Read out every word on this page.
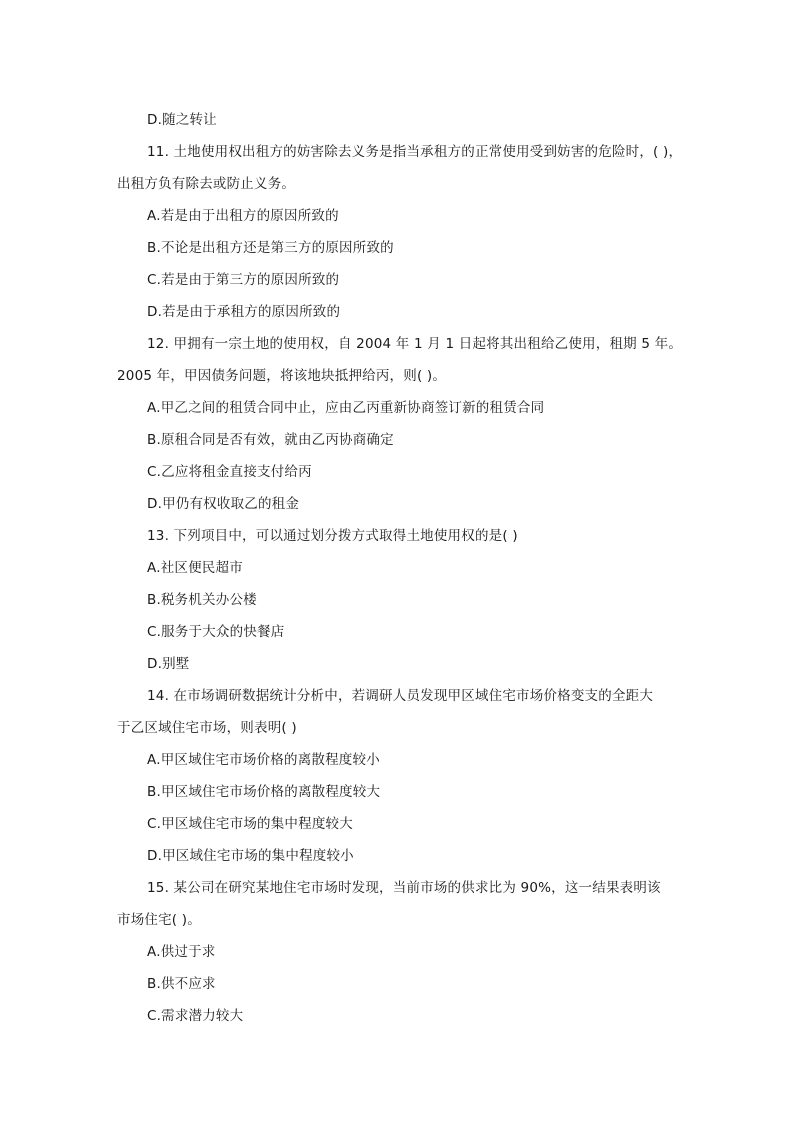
D.随之转让
11. 土地使用权出租方的妨害除去义务是指当承租方的正常使用受到妨害的危险时，( )，
出租方负有除去或防止义务。
A.若是由于出租方的原因所致的
B.不论是出租方还是第三方的原因所致的
C.若是由于第三方的原因所致的
D.若是由于承租方的原因所致的
12. 甲拥有一宗土地的使用权，自 2004 年 1 月 1 日起将其出租给乙使用，租期 5 年。
2005 年，甲因债务问题，将该地块抵押给丙，则( )。
A.甲乙之间的租赁合同中止，应由乙丙重新协商签订新的租赁合同
B.原租合同是否有效，就由乙丙协商确定
C.乙应将租金直接支付给丙
D.甲仍有权收取乙的租金
13. 下列项目中，可以通过划分拨方式取得土地使用权的是( )
A.社区便民超市
B.税务机关办公楼
C.服务于大众的快餐店
D.别墅
14. 在市场调研数据统计分析中，若调研人员发现甲区域住宅市场价格变支的全距大
于乙区域住宅市场，则表明( )
A.甲区域住宅市场价格的离散程度较小
B.甲区域住宅市场价格的离散程度较大
C.甲区域住宅市场的集中程度较大
D.甲区域住宅市场的集中程度较小
15. 某公司在研究某地住宅市场时发现，当前市场的供求比为 90%，这一结果表明该
市场住宅( )。
A.供过于求
B.供不应求
C.需求潜力较大
